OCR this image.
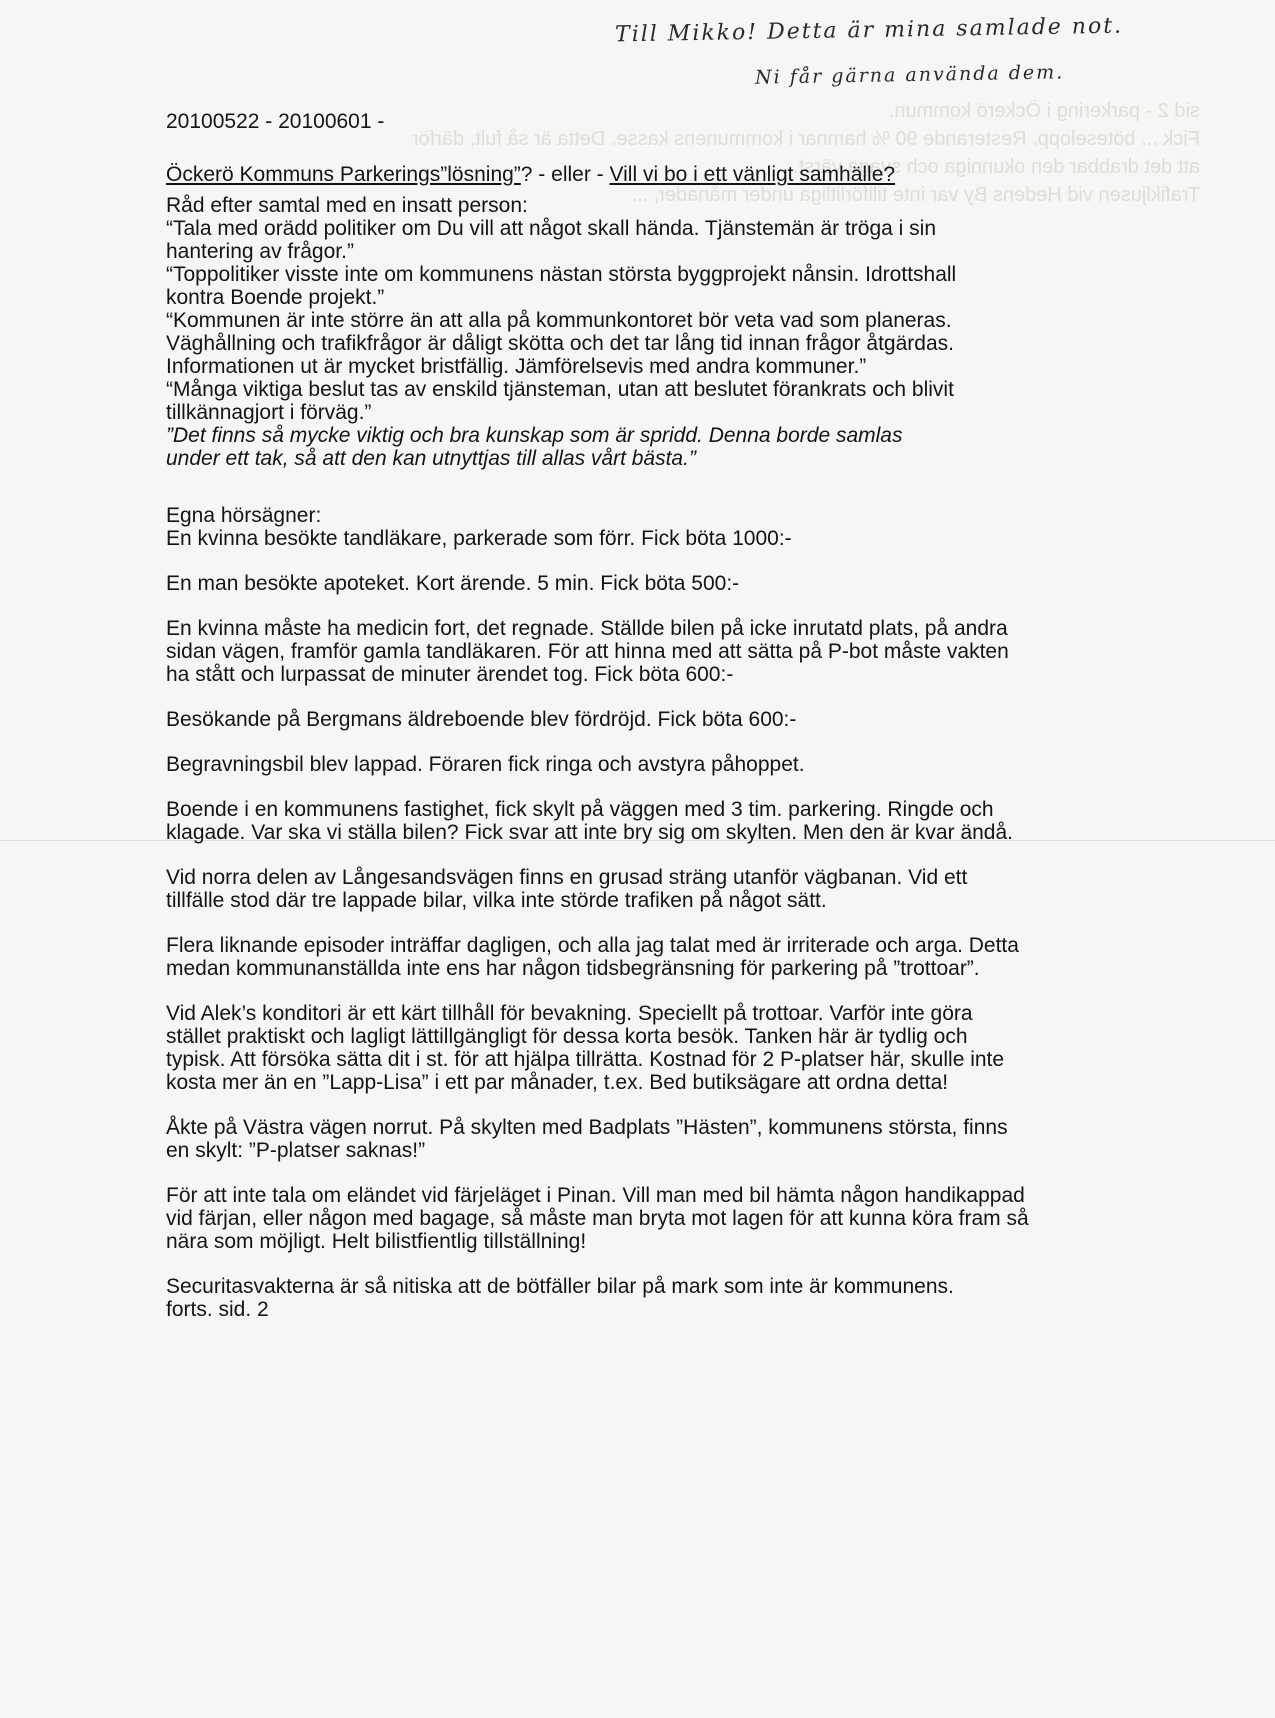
sid 2 - parkering i Öckerö kommun.
Fick ... böteselopp. Resterande 90 % hamnar i kommunens kasse. Detta är så fult, därför
att det drabbar den okunniga och svaga värst.
Trafikljusen vid Hedens By var inte tillförlitliga under månader, ...
Till Mikko! Detta är mina samlade not.
Ni får gärna använda dem.
20100522 - 20100601 -
Öckerö Kommuns Parkerings”lösning”? - eller - Vill vi bo i ett vänligt samhälle?
Råd efter samtal med en insatt person:
“Tala med orädd politiker om Du vill att något skall hända. Tjänstemän är tröga i sin
hantering av frågor.”
“Toppolitiker visste inte om kommunens nästan största byggprojekt nånsin. Idrottshall
kontra Boende projekt.”
“Kommunen är inte större än att alla på kommunkontoret bör veta vad som planeras.
Väghållning och trafikfrågor är dåligt skötta och det tar lång tid innan frågor åtgärdas.
Informationen ut är mycket bristfällig. Jämförelsevis med andra kommuner.”
“Många viktiga beslut tas av enskild tjänsteman, utan att beslutet förankrats och blivit
tillkännagjort i förväg.”
”Det finns så mycke viktig och bra kunskap som är spridd. Denna borde samlas
under ett tak, så att den kan utnyttjas till allas vårt bästa.”
Egna hörsägner:
En kvinna besökte tandläkare, parkerade som förr. Fick böta 1000:-
En man besökte apoteket. Kort ärende. 5 min. Fick böta 500:-
En kvinna måste ha medicin fort, det regnade. Ställde bilen på icke inrutatd plats, på andra
sidan vägen, framför gamla tandläkaren. För att hinna med att sätta på P-bot måste vakten
ha stått och lurpassat de minuter ärendet tog. Fick böta 600:-
Besökande på Bergmans äldreboende blev fördröjd. Fick böta 600:-
Begravningsbil blev lappad. Föraren fick ringa och avstyra påhoppet.
Boende i en kommunens fastighet, fick skylt på väggen med 3 tim. parkering. Ringde och
klagade. Var ska vi ställa bilen? Fick svar att inte bry sig om skylten. Men den är kvar ändå.
Vid norra delen av Långesandsvägen finns en grusad sträng utanför vägbanan. Vid ett
tillfälle stod där tre lappade bilar, vilka inte störde trafiken på något sätt.
Flera liknande episoder inträffar dagligen, och alla jag talat med är irriterade och arga. Detta
medan kommunanställda inte ens har någon tidsbegränsning för parkering på ”trottoar”.
Vid Alek’s konditori är ett kärt tillhåll för bevakning. Speciellt på trottoar. Varför inte göra
stället praktiskt och lagligt lättillgängligt för dessa korta besök. Tanken här är tydlig och
typisk. Att försöka sätta dit i st. för att hjälpa tillrätta. Kostnad för 2 P-platser här, skulle inte
kosta mer än en ”Lapp-Lisa” i ett par månader, t.ex. Bed butiksägare att ordna detta!
Åkte på Västra vägen norrut. På skylten med Badplats ”Hästen”, kommunens största, finns
en skylt: ”P-platser saknas!”
För att inte tala om eländet vid färjeläget i Pinan. Vill man med bil hämta någon handikappad
vid färjan, eller någon med bagage, så måste man bryta mot lagen för att kunna köra fram så
nära som möjligt. Helt bilistfientlig tillställning!
Securitasvakterna är så nitiska att de bötfäller bilar på mark som inte är kommunens.
forts. sid. 2
